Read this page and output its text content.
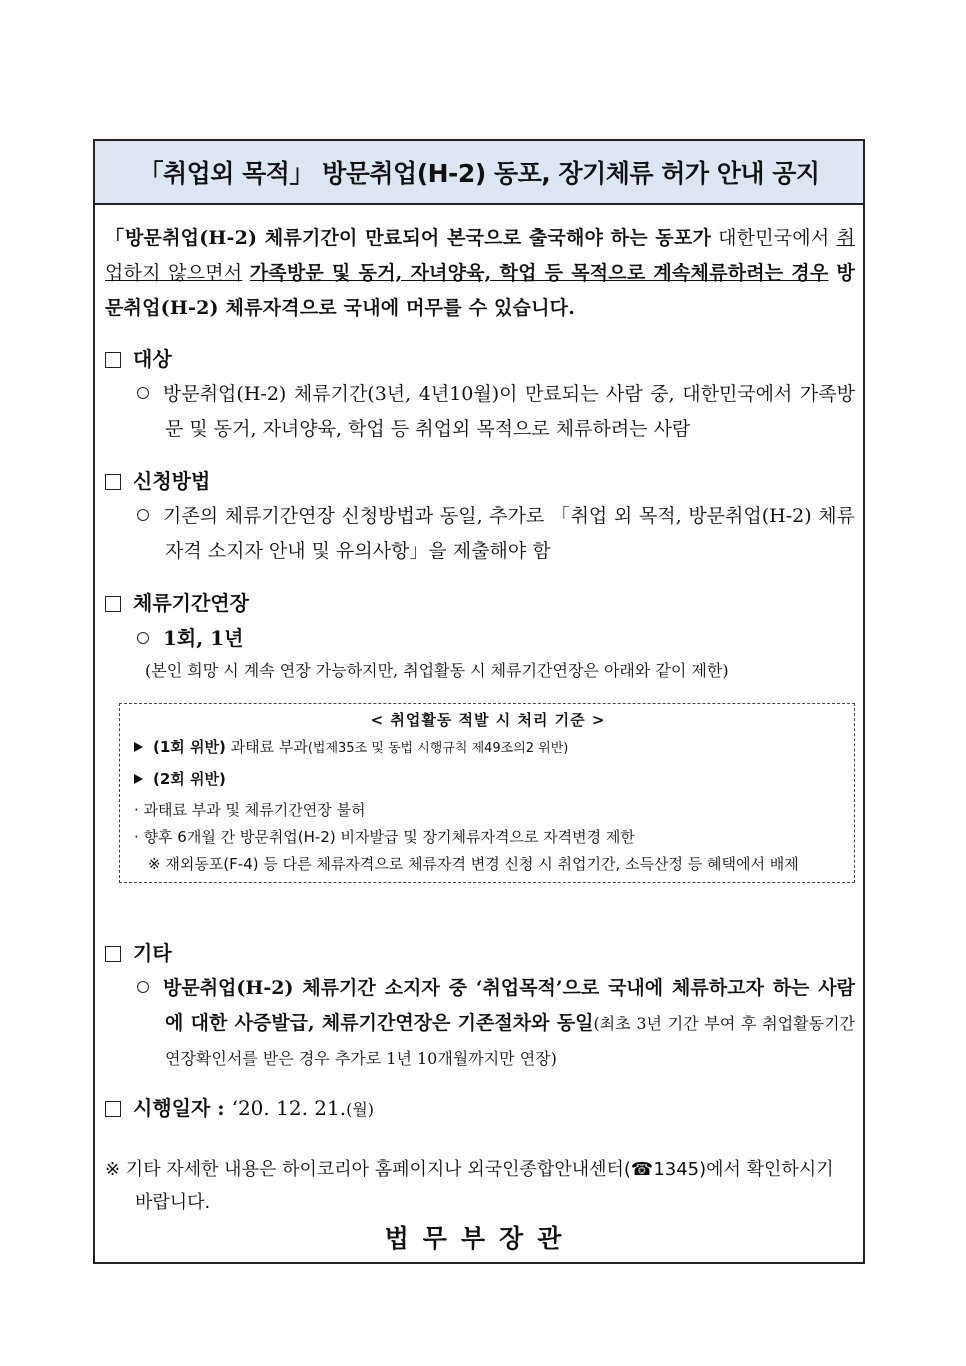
「취업외 목적」 방문취업(H-2) 동포, 장기체류 허가 안내 공지
「방문취업(H-2) 체류기간이 만료되어 본국으로 출국해야 하는 동포가 대한민국에서 취업하지 않으면서 가족방문 및 동거, 자녀양육, 학업 등 목적으로 계속체류하려는 경우 방문취업(H-2) 체류자격으로 국내에 머무를 수 있습니다.
대상
방문취업(H-2) 체류기간(3년, 4년10월)이 만료되는 사람 중, 대한민국에서 가족방문 및 동거, 자녀양육, 학업 등 취업외 목적으로 체류하려는 사람
신청방법
기존의 체류기간연장 신청방법과 동일, 추가로 「취업 외 목적, 방문취업(H-2) 체류자격 소지자 안내 및 유의사항」을 제출해야 함
체류기간연장
1회, 1년
(본인 희망 시 계속 연장 가능하지만, 취업활동 시 체류기간연장은 아래와 같이 제한)
< 취업활동 적발 시 처리 기준 >
(1회 위반) 과태료 부과(법제35조 및 동법 시행규칙 제49조의2 위반)
(2회 위반)
· 과태료 부과 및 체류기간연장 불허
· 향후 6개월 간 방문취업(H-2) 비자발급 및 장기체류자격으로 자격변경 제한
※ 재외동포(F-4) 등 다른 체류자격으로 체류자격 변경 신청 시 취업기간, 소득산정 등 혜택에서 배제
기타
방문취업(H-2) 체류기간 소지자 중 ‘취업목적’으로 국내에 체류하고자 하는 사람에 대한 사증발급, 체류기간연장은 기존절차와 동일(최초 3년 기간 부여 후 취업활동기간 연장확인서를 받은 경우 추가로 1년 10개월까지만 연장)
시행일자 : ‘20. 12. 21.(월)
※ 기타 자세한 내용은 하이코리아 홈페이지나 외국인종합안내센터(☎1345)에서 확인하시기 바랍니다.
법무부장관
